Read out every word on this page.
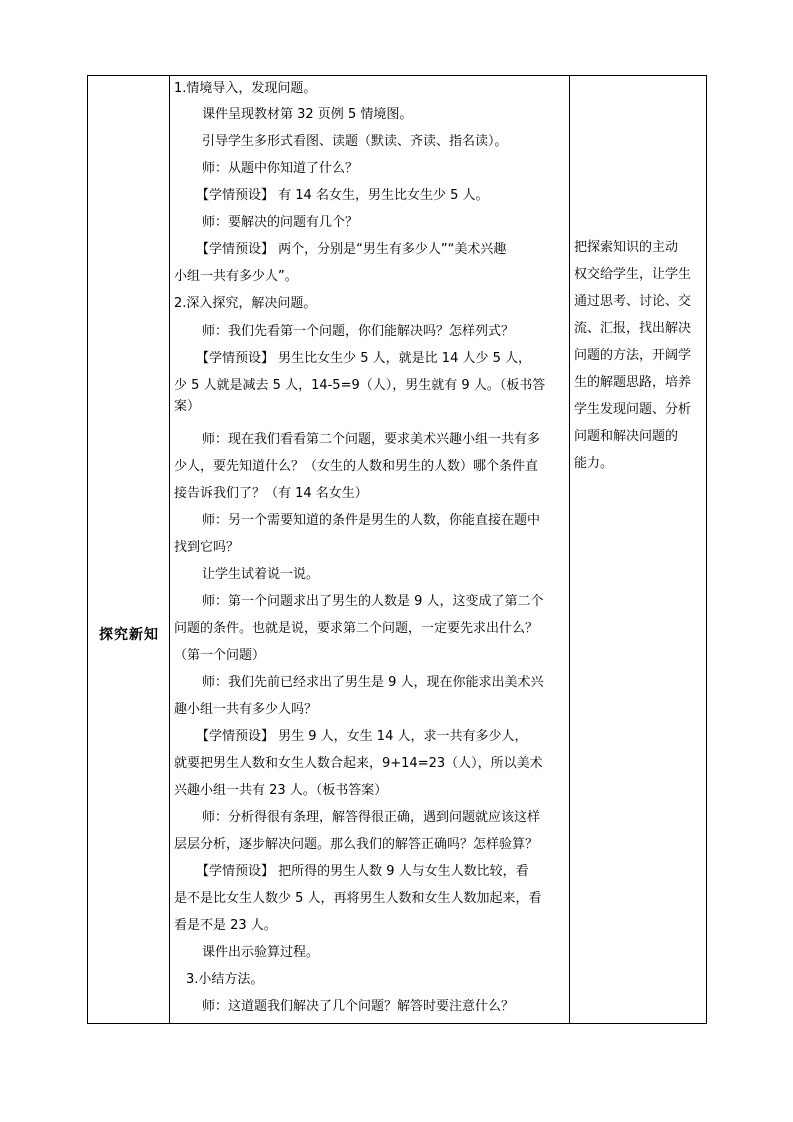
探究新知
1.情境导入，发现问题。
课件呈现教材第 32 页例 5 情境图。
引导学生多形式看图、读题（默读、齐读、指名读）。
师：从题中你知道了什么？
【学情预设】 有 14 名女生，男生比女生少 5 人。
师：要解决的问题有几个？
【学情预设】 两个，分别是“男生有多少人”“美术兴趣
小组一共有多少人”。
2.深入探究，解决问题。
师：我们先看第一个问题，你们能解决吗？怎样列式？
【学情预设】 男生比女生少 5 人，就是比 14 人少 5 人，
少 5 人就是减去 5 人，14-5=9（人），男生就有 9 人。（板书答
案）
师：现在我们看看第二个问题，要求美术兴趣小组一共有多
少人，要先知道什么？（女生的人数和男生的人数）哪个条件直
接告诉我们了？（有 14 名女生）
师：另一个需要知道的条件是男生的人数，你能直接在题中
找到它吗？
让学生试着说一说。
师：第一个问题求出了男生的人数是 9 人，这变成了第二个
问题的条件。也就是说，要求第二个问题，一定要先求出什么？
（第一个问题）
师：我们先前已经求出了男生是 9 人，现在你能求出美术兴
趣小组一共有多少人吗？
【学情预设】 男生 9 人，女生 14 人，求一共有多少人，
就要把男生人数和女生人数合起来，9+14=23（人），所以美术
兴趣小组一共有 23 人。（板书答案）
师：分析得很有条理，解答得很正确，遇到问题就应该这样
层层分析，逐步解决问题。那么我们的解答正确吗？怎样验算？
【学情预设】 把所得的男生人数 9 人与女生人数比较，看
是不是比女生人数少 5 人，再将男生人数和女生人数加起来，看
看是不是 23 人。
课件出示验算过程。
3.小结方法。
师：这道题我们解决了几个问题？解答时要注意什么？
把探索知识的主动
权交给学生，让学生
通过思考、讨论、交
流、汇报，找出解决
问题的方法，开阔学
生的解题思路，培养
学生发现问题、分析
问题和解决问题的
能力。
